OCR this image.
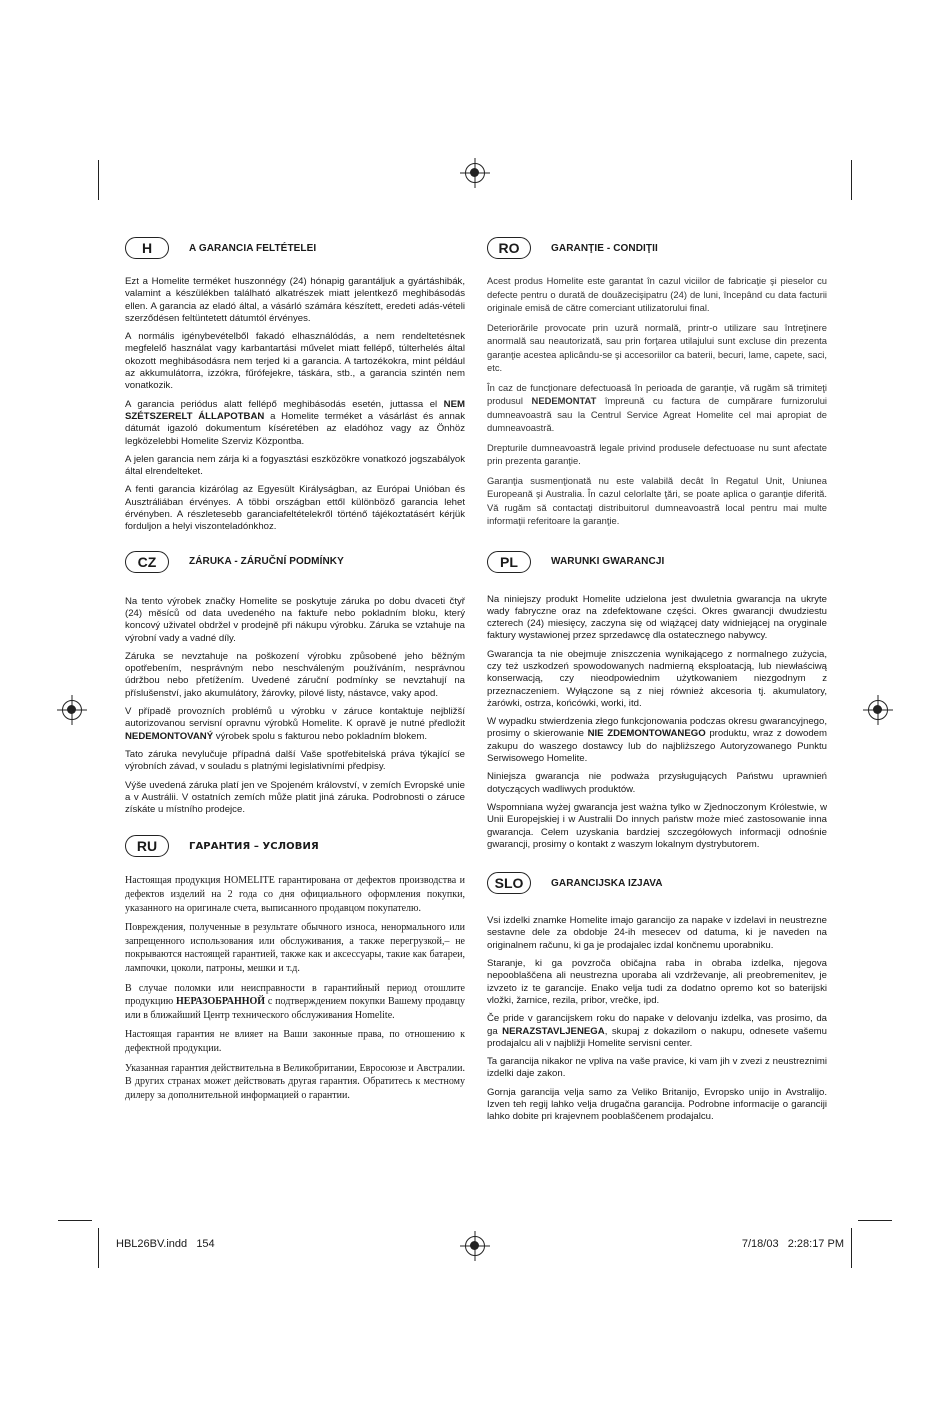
H	A GARANCIA FELTÉTELEI

Ezt a Homelite terméket huszonnégy (24) hónapig garantáljuk a gyártáshibák, valamint a készülékben található alkatrészek miatt jelentkező meghibásodás ellen. A garancia az eladó által, a vásárló számára készített, eredeti adás-vételi szerződésen feltüntetett dátumtól érvényes.

A normális igénybevételből fakadó elhasználódás, a nem rendeltetésnek megfelelő használat vagy karbantartási művelet miatt fellépő, túlterhelés által okozott meghibásodásra nem terjed ki a garancia. A tartozékokra, mint például az akkumulátorra, izzókra, fűrófejekre, táskára, stb., a garancia szintén nem vonatkozik.

A garancia periódus alatt fellépő meghibásodás esetén, juttassa el NEM SZÉTSZERELT ÁLLAPOTBAN a Homelite terméket a vásárlást és annak dátumát igazoló dokumentum kíséretében az eladóhoz vagy az Önhöz legközelebbi Homelite Szerviz Központba.

A jelen garancia nem zárja ki a fogyasztási eszközökre vonatkozó jogszabályok által elrendelteket.

A fenti garancia kizárólag az Egyesült Királyságban, az Európai Unióban és Ausztráliában érvényes. A többi országban ettől különböző garancia lehet érvényben. A részletesebb garanciafeltételekről történő tájékoztatásért kérjük forduljon a helyi viszonteladónkhoz.

CZ	ZÁRUKA - ZÁRUČNÍ PODMÍNKY

Na tento výrobek značky Homelite se poskytuje záruka po dobu dvaceti čtyř (24) měsíců od data uvedeného na faktuře nebo pokladním bloku, který koncový uživatel obdržel v prodejně při nákupu výrobku. Záruka se vztahuje na výrobní vady a vadné díly.

Záruka se nevztahuje na poškození výrobku způsobené jeho běžným opotřebením, nesprávným nebo neschváleným používáním, nesprávnou údržbou nebo přetížením. Uvedené záruční podmínky se nevztahují na příslušenství, jako akumulátory, žárovky, pilové listy, nástavce, vaky apod.

V případě provozních problémů u výrobku v záruce kontaktuje nejbližší autorizovanou servisní opravnu výrobků Homelite. K opravě je nutné předložit NEDEMONTOVANÝ výrobek spolu s fakturou nebo pokladním blokem.

Tato záruka nevylučuje případná další Vaše spotřebitelská práva týkající se výrobních závad, v souladu s platnými legislativními předpisy.

Výše uvedená záruka platí jen ve Spojeném království, v zemích Evropské unie a v Austrálii. V ostatních zemích může platit jiná záruka. Podrobnosti o záruce získáte u místního prodejce.

RU	ГАРАНТИЯ – УСЛОВИЯ

Настоящая продукция HOMELITE гарантирована от дефектов производства и дефектов изделий на 2 года со дня официального оформления покупки, указанного на оригинале счета, выписанного продавцом покупателю.

Повреждения, полученные в результате обычного износа, ненормального или запрещенного использования или обслуживания, а также перегрузкой,– не покрываются настоящей гарантией, также как и аксессуары, такие как батареи, лампочки, цоколи, патроны, мешки и т.д.

В случае поломки или неисправности в гарантийный период отошлите продукцию НЕРАЗОБРАННОЙ с подтверждением покупки Вашему продавцу или в ближайший Центр технического обслуживания Homelite.

Настоящая гарантия не влияет на Ваши законные права, по отношению к дефектной продукции.

Указанная гарантия действительна в Великобритании, Евросоюзе и Австралии. В других странах может действовать другая гарантия. Обратитесь к местному дилеру за дополнительной информацией о гарантии.

RO	GARANŢIE - CONDIŢII

Acest produs Homelite este garantat în cazul viciilor de fabricaţie şi pieselor cu defecte pentru o durată de douăzecişipatru (24) de luni, începând cu data facturii originale emisă de către comerciant utilizatorului final.

Deteriorările provocate prin uzură normală, printr-o utilizare sau întreţinere anormală sau neautorizată, sau prin forţarea utilajului sunt excluse din prezenta garanţie acestea aplicându-se şi accesoriilor ca baterii, becuri, lame, capete, saci, etc.

În caz de funcţionare defectuoasă în perioada de garanţie, vă rugăm să trimiteţi produsul NEDEMONTAT împreună cu factura de cumpărare furnizorului dumneavoastră sau la Centrul Service Agreat Homelite cel mai apropiat de dumneavoastră.

Drepturile dumneavoastră legale privind produsele defectuoase nu sunt afectate prin prezenta garanţie.

Garanţia susmenţionată nu este valabilă decât în Regatul Unit, Uniunea Europeană şi Australia. În cazul celorlalte ţări, se poate aplica o garanţie diferită. Vă rugăm să contactaţi distribuitorul dumneavoastră local pentru mai multe informaţii referitoare la garanţie.

PL	WARUNKI GWARANCJI

Na niniejszy produkt Homelite udzielona jest dwuletnia gwarancja na ukryte wady fabryczne oraz na zdefektowane części. Okres gwarancji dwudziestu czterech (24) miesięcy, zaczyna się od wiążącej daty widniejącej na oryginale faktury wystawionej przez sprzedawcę dla ostatecznego nabywcy.

Gwarancja ta nie obejmuje zniszczenia wynikającego z normalnego zużycia, czy też uszkodzeń spowodowanych nadmierną eksploatacją, lub niewłaściwą konserwacją, czy nieodpowiednim użytkowaniem niezgodnym z przeznaczeniem. Wyłączone są z niej również akcesoria tj. akumulatory, żarówki, ostrza, końcówki, worki, itd.

W wypadku stwierdzenia złego funkcjonowania podczas okresu gwarancyjnego, prosimy o skierowanie NIE ZDEMONTOWANEGO produktu, wraz z dowodem zakupu do waszego dostawcy lub do najbliższego Autoryzowanego Punktu Serwisowego Homelite.

Niniejsza gwarancja nie podważa przysługujących Państwu uprawnień dotyczących wadliwych produktów.

Wspomniana wyżej gwarancja jest ważna tylko w Zjednoczonym Królestwie, w Unii Europejskiej i w Australii Do innych państw może mieć zastosowanie inna gwarancja. Celem uzyskania bardziej szczegółowych informacji odnośnie gwarancji, prosimy o kontakt z waszym lokalnym dystrybutorem.

SLO	GARANCIJSKA IZJAVA

Vsi izdelki znamke Homelite imajo garancijo za napake v izdelavi in neustrezne sestavne dele za obdobje 24-ih mesecev od datuma, ki je naveden na originalnem računu, ki ga je prodajalec izdal končnemu uporabniku.

Staranje, ki ga povzroča običajna raba in obraba izdelka, njegova nepooblaščena ali neustrezna uporaba ali vzdrževanje, ali preobremenitev, je izvzeto iz te garancije. Enako velja tudi za dodatno opremo kot so baterijski vložki, žarnice, rezila, pribor, vrečke, ipd.

Če pride v garancijskem roku do napake v delovanju izdelka, vas prosimo, da ga NERAZSTAVLJENEGA, skupaj z dokazilom o nakupu, odnesete vašemu prodajalcu ali v najbližji Homelite servisni center.

Ta garancija nikakor ne vpliva na vaše pravice, ki vam jih v zvezi z neustreznimi izdelki daje zakon.

Gornja garancija velja samo za Veliko Britanijo, Evropsko unijo in Avstralijo. Izven teh regij lahko velja drugačna garancija. Podrobne informacije o garanciji lahko dobite pri krajevnem pooblaščenem prodajalcu.

HBL26BV.indd   154	7/18/03   2:28:17 PM
